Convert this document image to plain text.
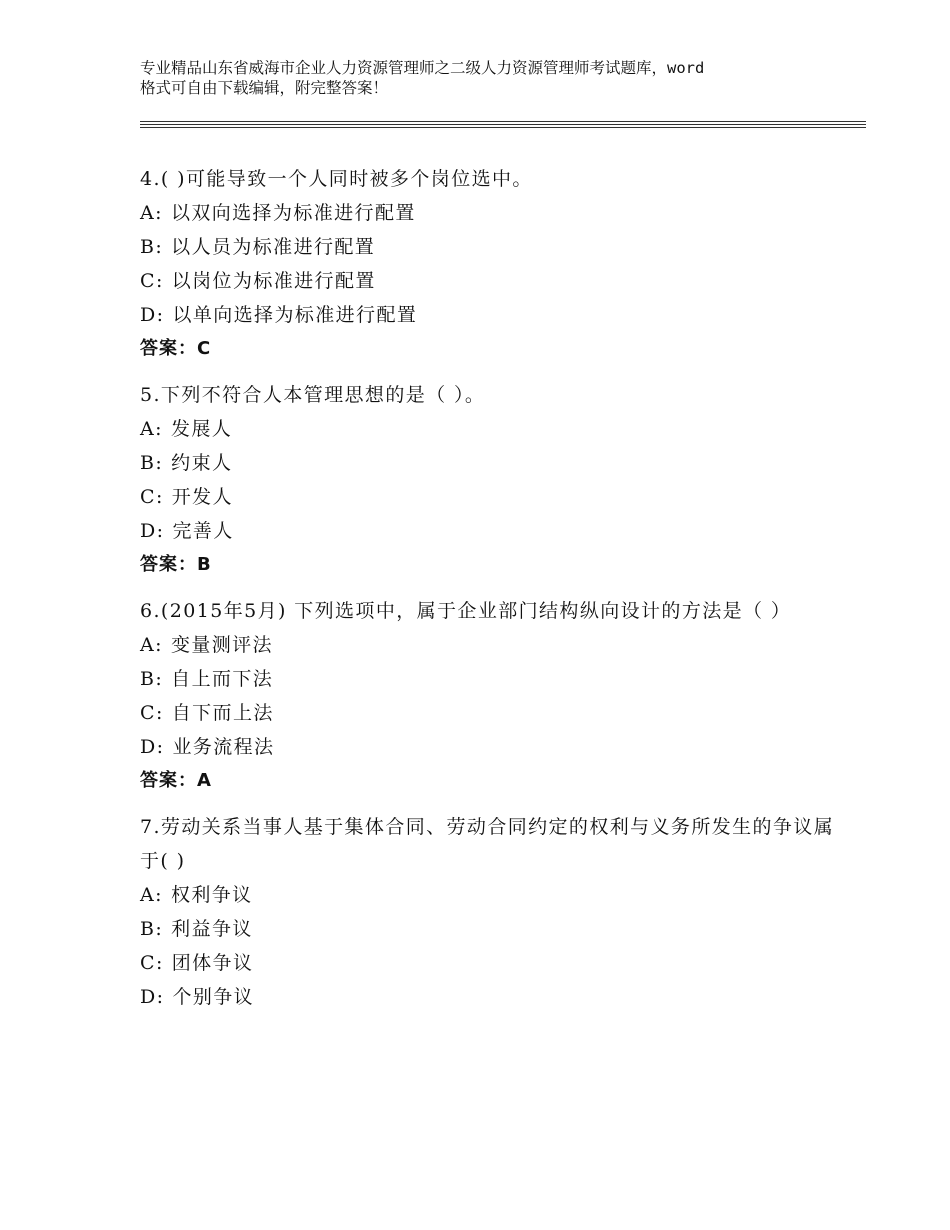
专业精品山东省威海市企业人力资源管理师之二级人力资源管理师考试题库，word
格式可自由下载编辑，附完整答案！

4.( )可能导致一个人同时被多个岗位选中。

A: 以双向选择为标准进行配置

B: 以人员为标准进行配置

C: 以岗位为标准进行配置

D: 以单向选择为标准进行配置

答案：C

5.下列不符合人本管理思想的是（ ）。

A: 发展人

B: 约束人

C: 开发人

D: 完善人

答案：B

6.(2015年5月) 下列选项中，属于企业部门结构纵向设计的方法是（ ）

A: 变量测评法

B: 自上而下法

C: 自下而上法

D: 业务流程法

答案：A

7.劳动关系当事人基于集体合同、劳动合同约定的权利与义务所发生的争议属于( )

A: 权利争议

B: 利益争议

C: 团体争议

D: 个别争议
